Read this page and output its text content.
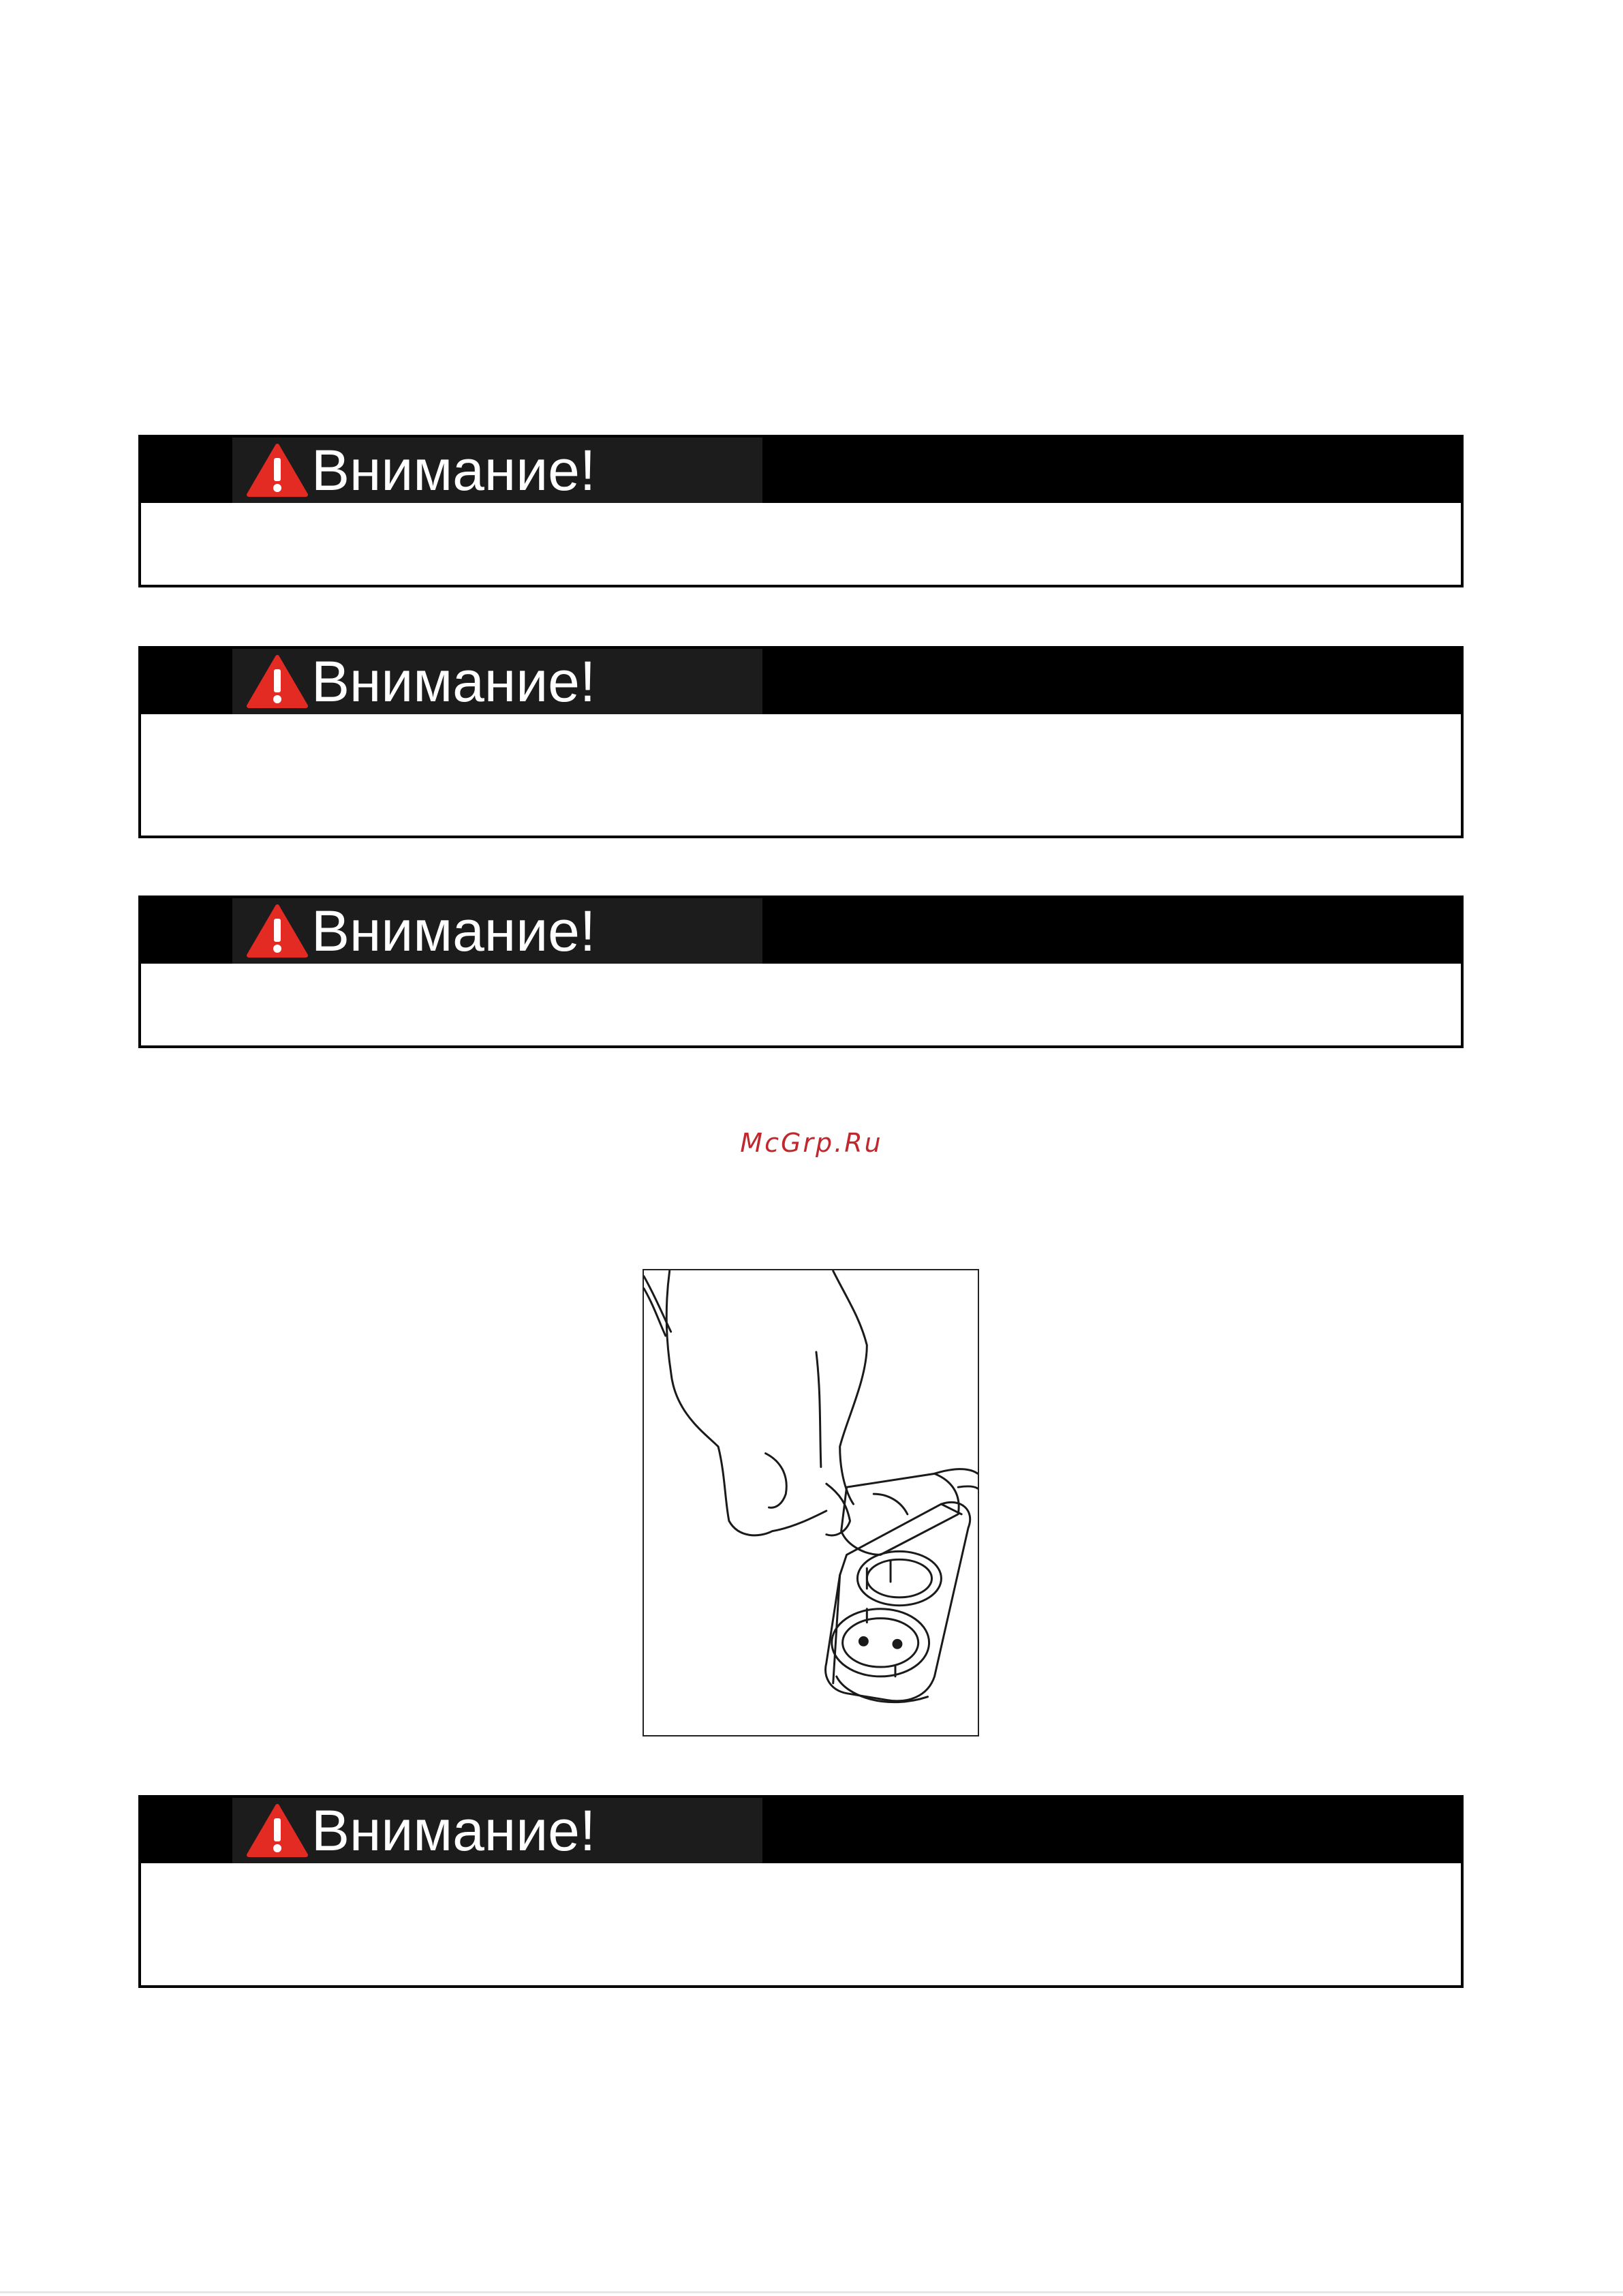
Внимание!
Внимание!
Внимание!
McGrp.Ru
Внимание!
